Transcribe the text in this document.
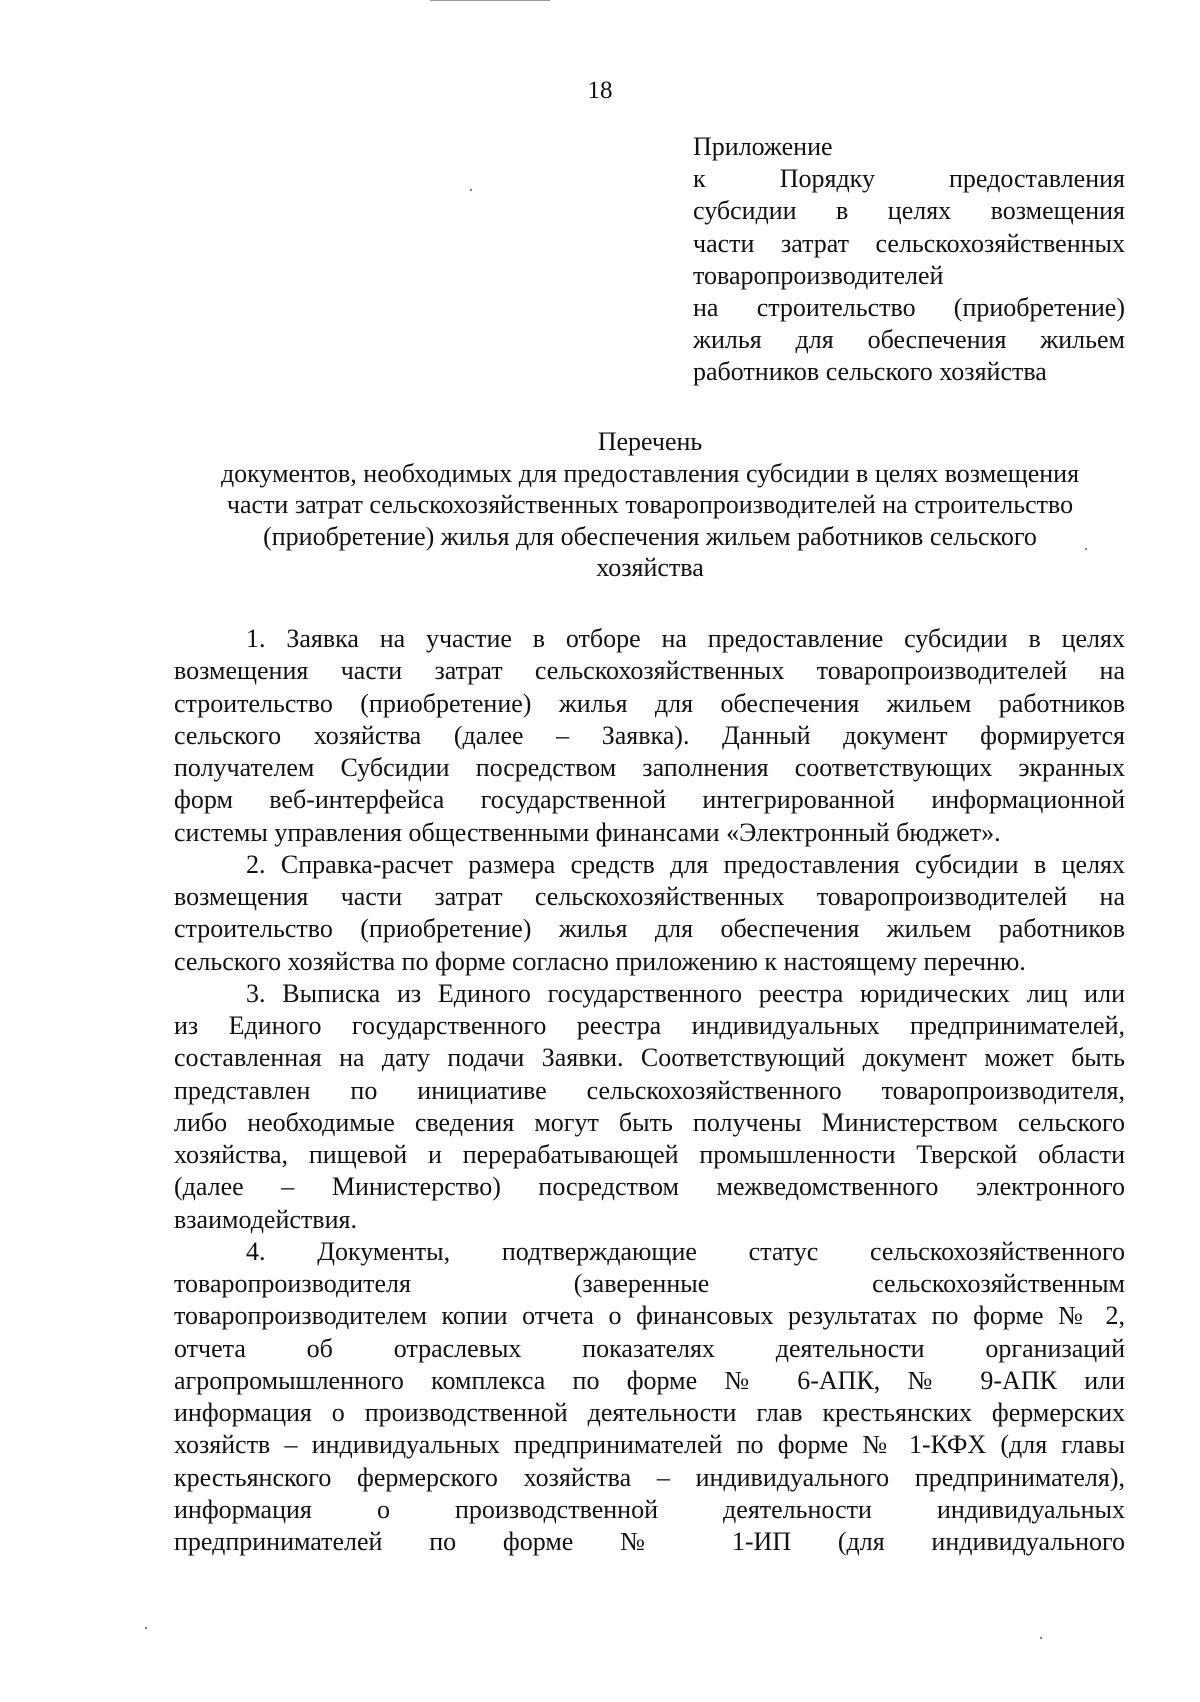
18
Приложение
к Порядку предоставления
субсидии в целях возмещения
части затрат сельскохозяйственных
товаропроизводителей
на строительство (приобретение)
жилья для обеспечения жильем
работников сельского хозяйства
Перечень
документов, необходимых для предоставления субсидии в целях возмещения
части затрат сельскохозяйственных товаропроизводителей на строительство
(приобретение) жилья для обеспечения жильем работников сельского
хозяйства
1. Заявка на участие в отборе на предоставление субсидии в целях
возмещения части затрат сельскохозяйственных товаропроизводителей на
строительство (приобретение) жилья для обеспечения жильем работников
сельского хозяйства (далее – Заявка). Данный документ формируется
получателем Субсидии посредством заполнения соответствующих экранных
форм веб-интерфейса государственной интегрированной информационной
системы управления общественными финансами «Электронный бюджет».
2. Справка-расчет размера средств для предоставления субсидии в целях
возмещения части затрат сельскохозяйственных товаропроизводителей на
строительство (приобретение) жилья для обеспечения жильем работников
сельского хозяйства по форме согласно приложению к настоящему перечню.
3. Выписка из Единого государственного реестра юридических лиц или
из Единого государственного реестра индивидуальных предпринимателей,
составленная на дату подачи Заявки. Соответствующий документ может быть
представлен по инициативе сельскохозяйственного товаропроизводителя,
либо необходимые сведения могут быть получены Министерством сельского
хозяйства, пищевой и перерабатывающей промышленности Тверской области
(далее – Министерство) посредством межведомственного электронного
взаимодействия.
4. Документы, подтверждающие статус сельскохозяйственного
товаропроизводителя (заверенные сельскохозяйственным
товаропроизводителем копии отчета о финансовых результатах по форме № 2,
отчета об отраслевых показателях деятельности организаций
агропромышленного комплекса по форме № 6-АПК, № 9-АПК или
информация о производственной деятельности глав крестьянских фермерских
хозяйств – индивидуальных предпринимателей по форме № 1-КФХ (для главы
крестьянского фермерского хозяйства – индивидуального предпринимателя),
информация о производственной деятельности индивидуальных
предпринимателей по форме № 1-ИП (для индивидуального
